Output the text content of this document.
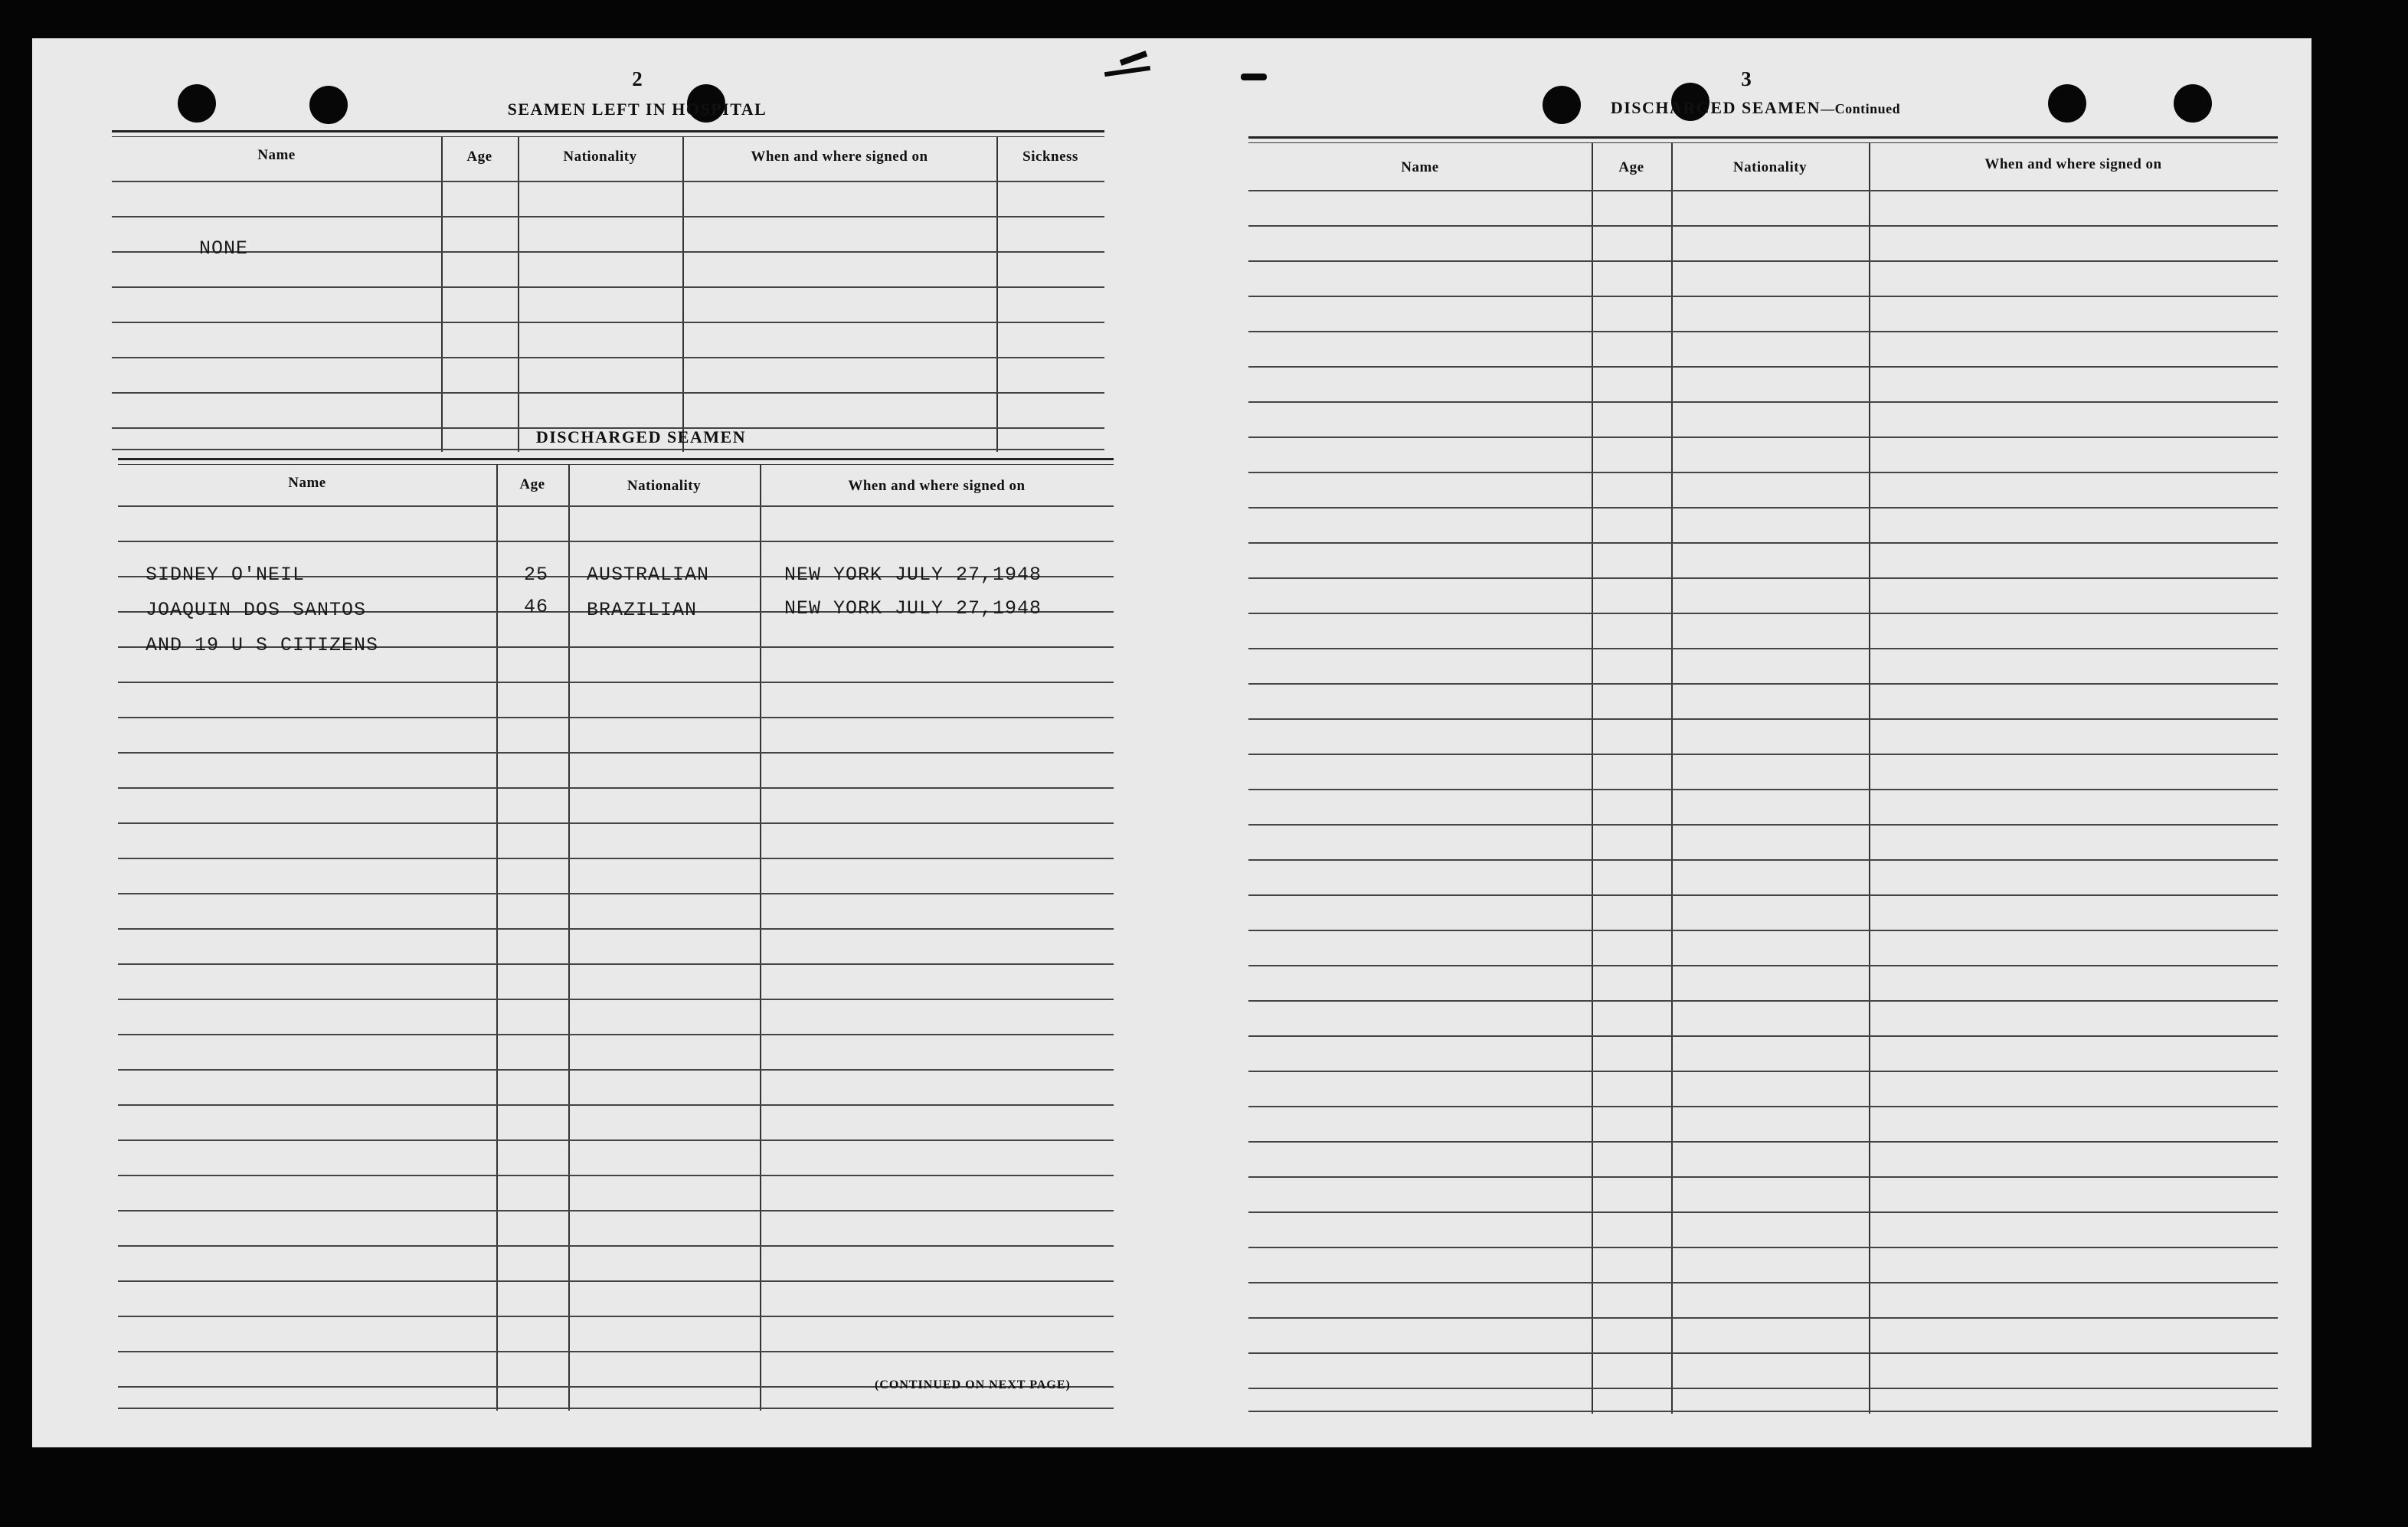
2
SEAMEN LEFT IN HOSPITAL
Name	Age	Nationality	When and where signed on	Sickness
NONE
DISCHARGED SEAMEN
Name	Age	Nationality	When and where signed on
SIDNEY O'NEIL	25 AUSTRALIAN	NEW YORK JULY 27,1948
JOAQUIN DOS SANTOS	46 BRAZILIAN	NEW YORK JULY 27,1948
AND 19 U S CITIZENS
(CONTINUED ON NEXT PAGE)
3
DISCHARGED SEAMEN—Continued
Name	Age	Nationality	When and where signed on
